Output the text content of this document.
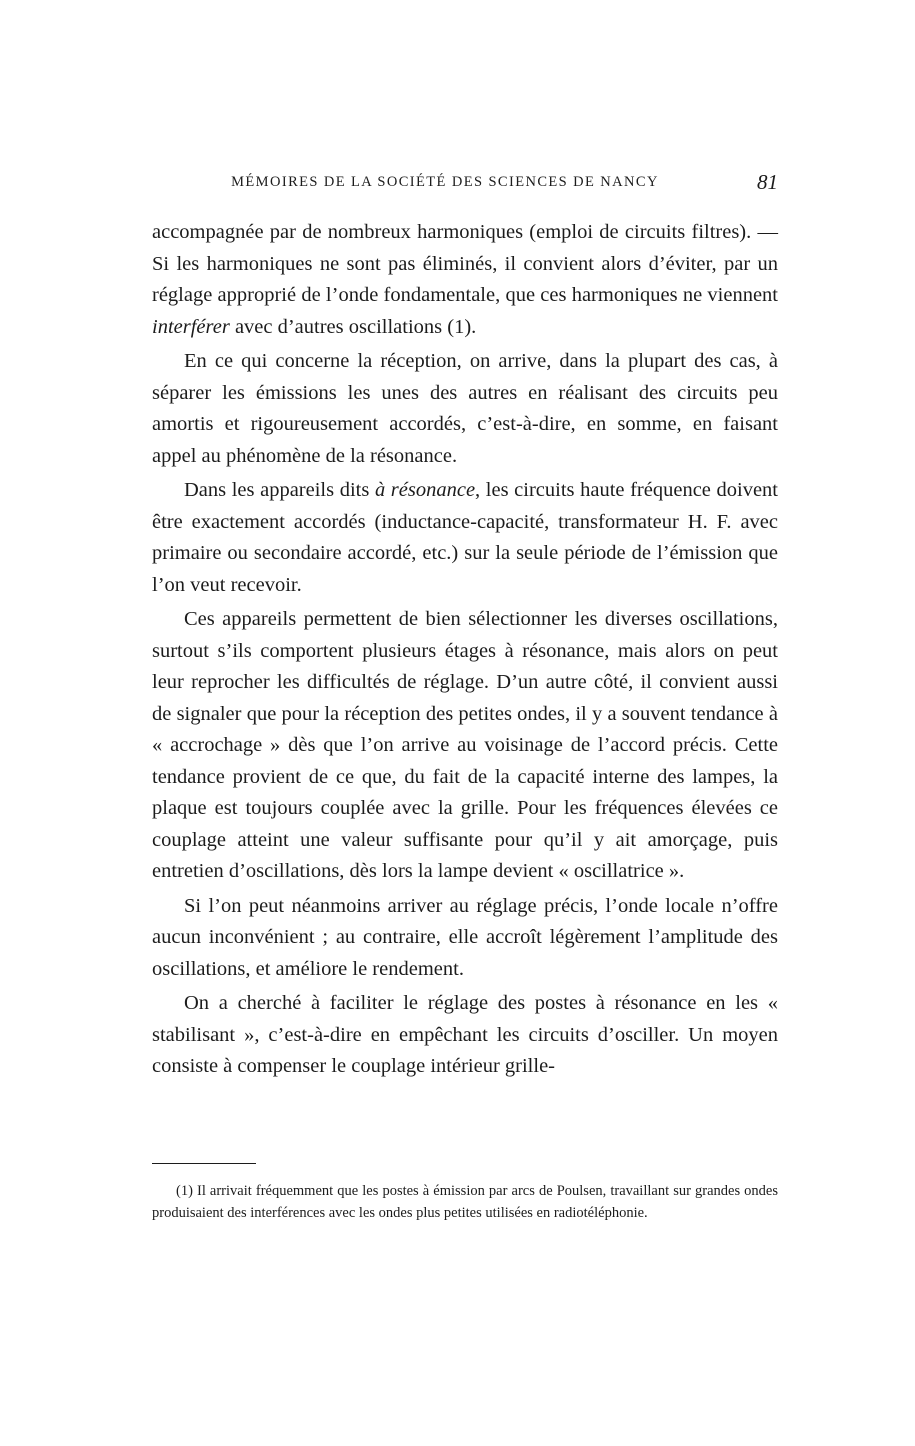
MÉMOIRES DE LA SOCIÉTÉ DES SCIENCES DE NANCY	81

accompagnée par de nombreux harmoniques (emploi de circuits filtres). — Si les harmoniques ne sont pas éliminés, il convient alors d’éviter, par un réglage approprié de l’onde fondamentale, que ces harmoniques ne viennent interférer avec d’autres oscillations (1).

En ce qui concerne la réception, on arrive, dans la plupart des cas, à séparer les émissions les unes des autres en réalisant des circuits peu amortis et rigoureusement accordés, c’est-à-dire, en somme, en faisant appel au phénomène de la résonance.

Dans les appareils dits à résonance, les circuits haute fréquence doivent être exactement accordés (inductance-capacité, transformateur H. F. avec primaire ou secondaire accordé, etc.) sur la seule période de l’émission que l’on veut recevoir.

Ces appareils permettent de bien sélectionner les diverses oscillations, surtout s’ils comportent plusieurs étages à résonance, mais alors on peut leur reprocher les difficultés de réglage. D’un autre côté, il convient aussi de signaler que pour la réception des petites ondes, il y a souvent tendance à « accrochage » dès que l’on arrive au voisinage de l’accord précis. Cette tendance provient de ce que, du fait de la capacité interne des lampes, la plaque est toujours couplée avec la grille. Pour les fréquences élevées ce couplage atteint une valeur suffisante pour qu’il y ait amorçage, puis entretien d’oscillations, dès lors la lampe devient « oscillatrice ».

Si l’on peut néanmoins arriver au réglage précis, l’onde locale n’offre aucun inconvénient ; au contraire, elle accroît légèrement l’amplitude des oscillations, et améliore le rendement.

On a cherché à faciliter le réglage des postes à résonance en les « stabilisant », c’est-à-dire en empêchant les circuits d’osciller. Un moyen consiste à compenser le couplage intérieur grille-

(1) Il arrivait fréquemment que les postes à émission par arcs de Poulsen, travaillant sur grandes ondes produisaient des interférences avec les ondes plus petites utilisées en radiotéléphonie.
